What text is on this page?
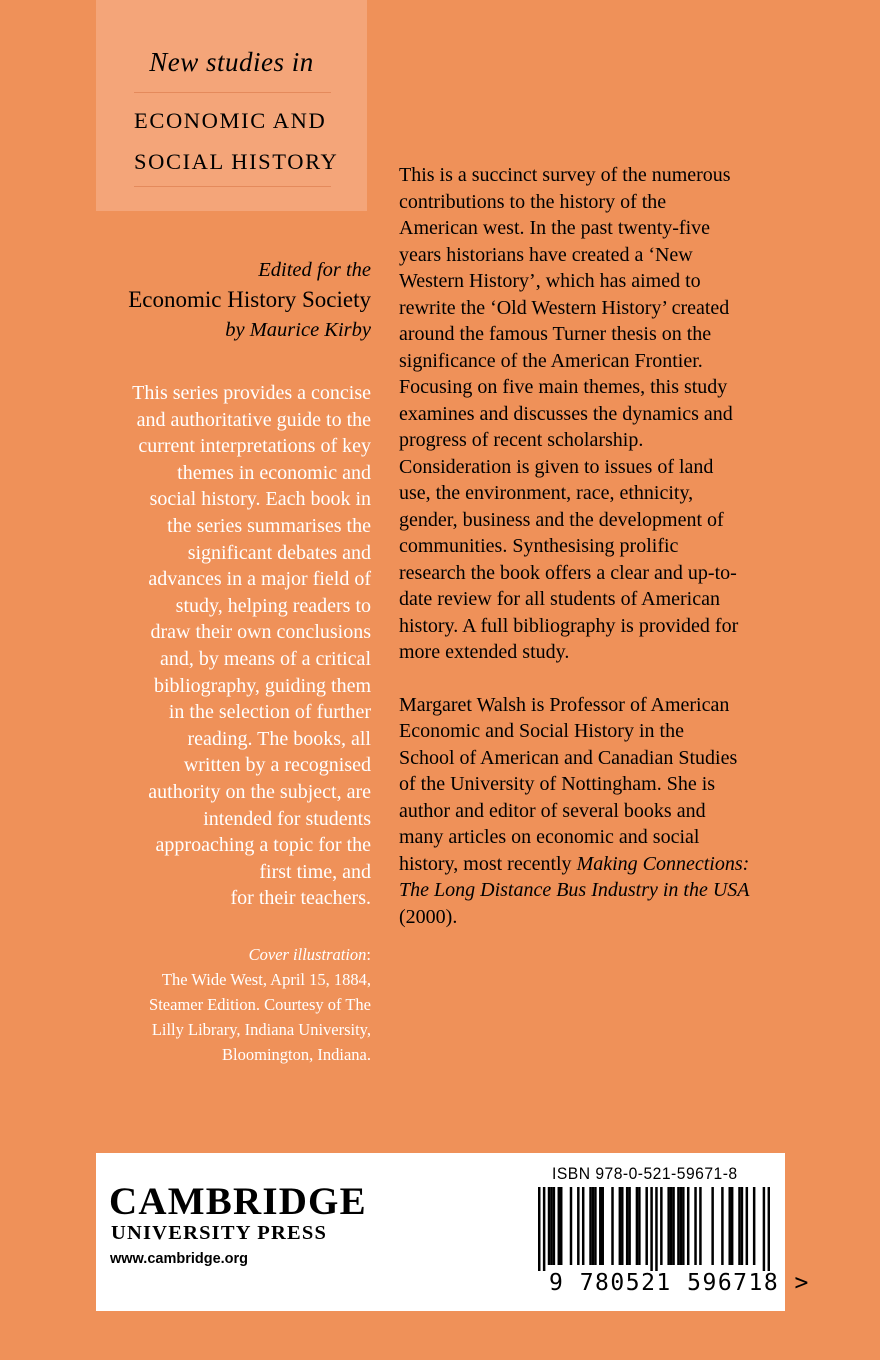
New studies in
ECONOMIC AND
SOCIAL HISTORY
Edited for the
Economic History Society
by Maurice Kirby
This series provides a concise
and authoritative guide to the
current interpretations of key
themes in economic and
social history. Each book in
the series summarises the
significant debates and
advances in a major field of
study, helping readers to
draw their own conclusions
and, by means of a critical
bibliography, guiding them
in the selection of further
reading. The books, all
written by a recognised
authority on the subject, are
intended for students
approaching a topic for the
first time, and
for their teachers.
Cover illustration:
The Wide West, April 15, 1884,
Steamer Edition. Courtesy of The
Lilly Library, Indiana University,
Bloomington, Indiana.
This is a succinct survey of the numerous
contributions to the history of the
American west. In the past twenty-five
years historians have created a ‘New
Western History’, which has aimed to
rewrite the ‘Old Western History’ created
around the famous Turner thesis on the
significance of the American Frontier.
Focusing on five main themes, this study
examines and discusses the dynamics and
progress of recent scholarship.
Consideration is given to issues of land
use, the environment, race, ethnicity,
gender, business and the development of
communities. Synthesising prolific
research the book offers a clear and up-to-
date review for all students of American
history. A full bibliography is provided for
more extended study.
Margaret Walsh is Professor of American
Economic and Social History in the
School of American and Canadian Studies
of the University of Nottingham. She is
author and editor of several books and
many articles on economic and social
history, most recently Making Connections:
The Long Distance Bus Industry in the USA
(2000).
CAMBRIDGE
UNIVERSITY PRESS
www.cambridge.org
ISBN 978-0-521-59671-8
9 780521 596718 >
